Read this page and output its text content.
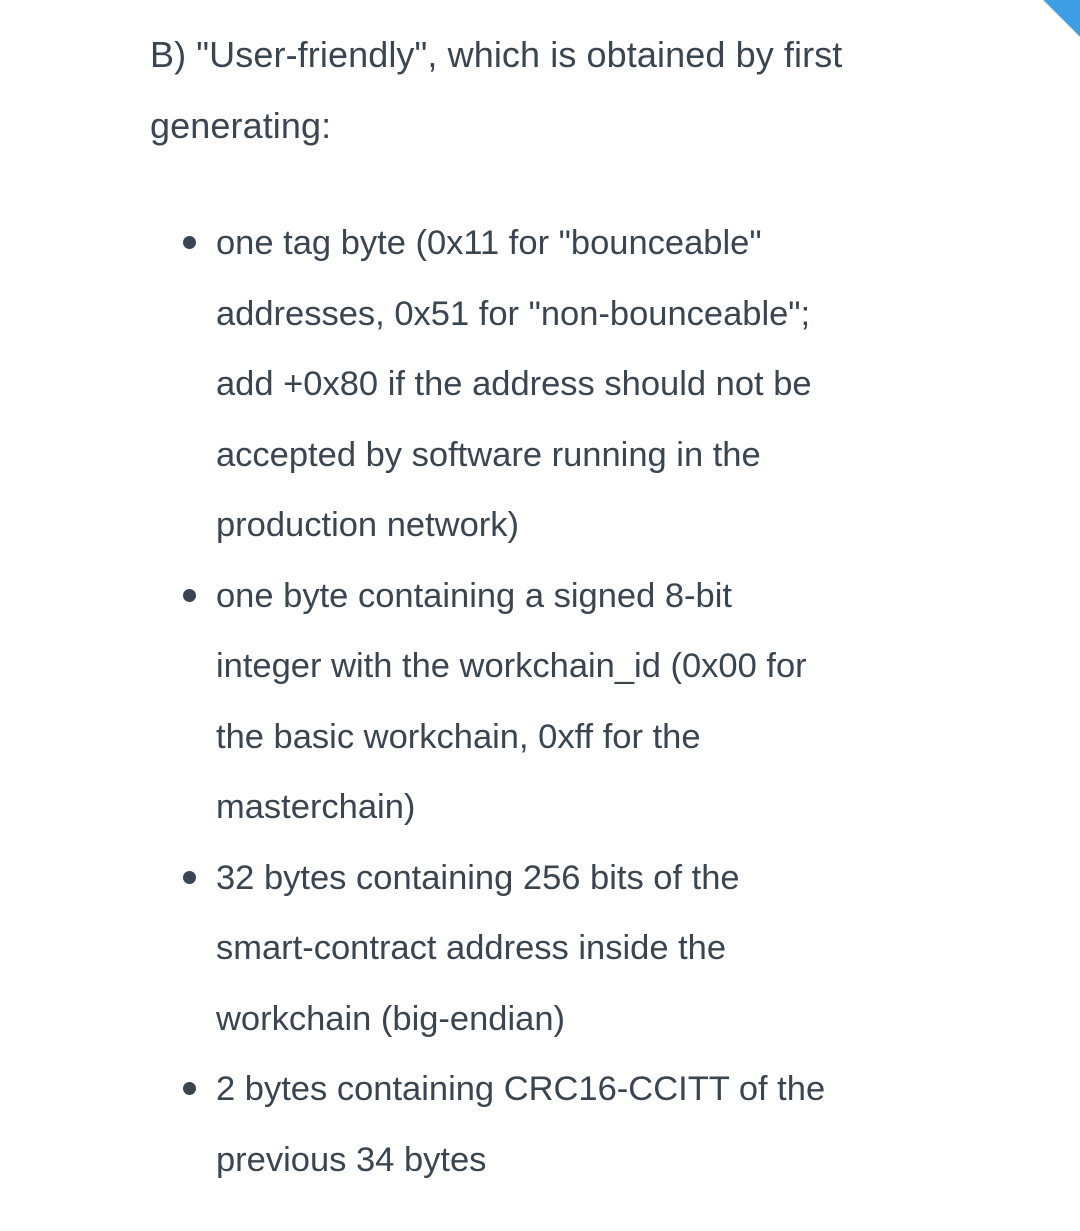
B) "User-friendly", which is obtained by first
generating:

one tag byte (0x11 for "bounceable"
addresses, 0x51 for "non-bounceable";
add +0x80 if the address should not be
accepted by software running in the
production network)
one byte containing a signed 8-bit
integer with the workchain_id (0x00 for
the basic workchain, 0xff for the
masterchain)
32 bytes containing 256 bits of the
smart-contract address inside the
workchain (big-endian)
2 bytes containing CRC16-CCITT of the
previous 34 bytes
